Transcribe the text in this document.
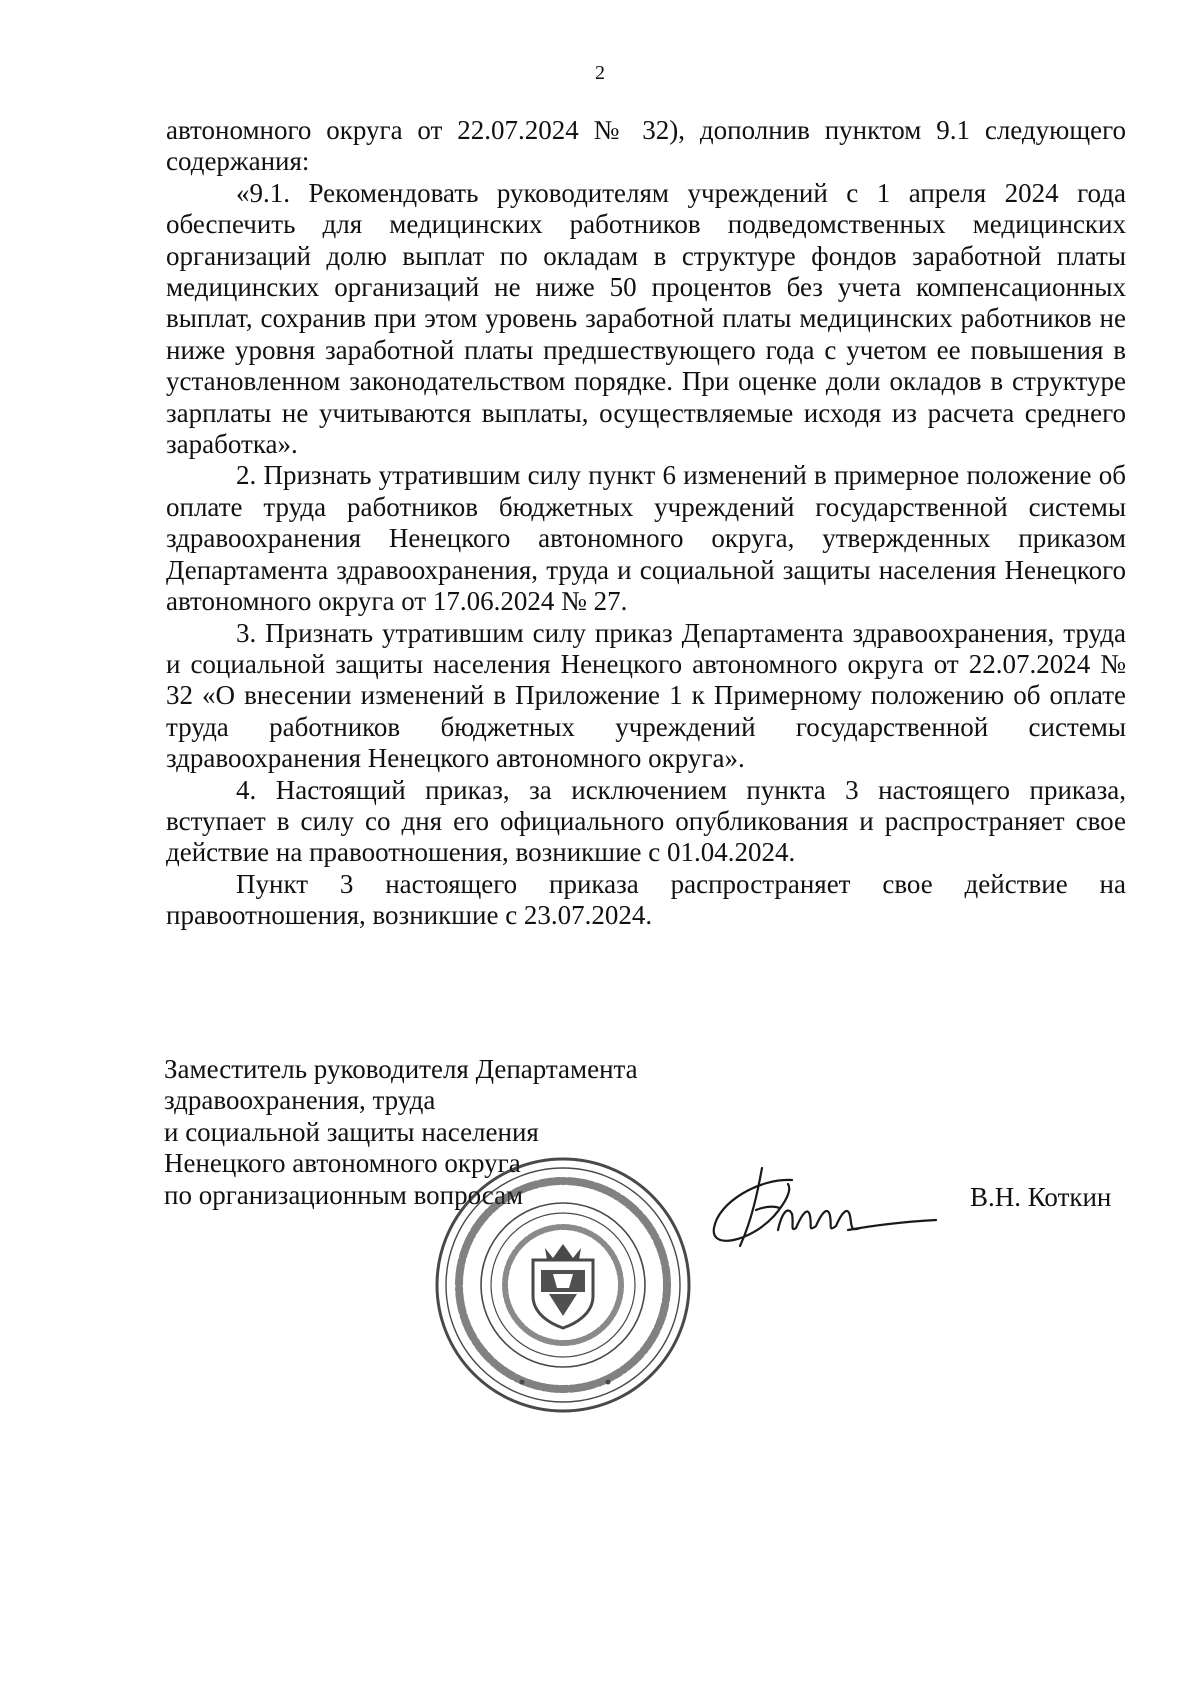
2

автономного округа от 22.07.2024 № 32), дополнив пунктом 9.1 следующего содержания:

«9.1. Рекомендовать руководителям учреждений с 1 апреля 2024 года обеспечить для медицинских работников подведомственных медицинских организаций долю выплат по окладам в структуре фондов заработной платы медицинских организаций не ниже 50 процентов без учета компенсационных выплат, сохранив при этом уровень заработной платы медицинских работников не ниже уровня заработной платы предшествующего года с учетом ее повышения в установленном законодательством порядке. При оценке доли окладов в структуре зарплаты не учитываются выплаты, осуществляемые исходя из расчета среднего заработка».

2. Признать утратившим силу пункт 6 изменений в примерное положение об оплате труда работников бюджетных учреждений государственной системы здравоохранения Ненецкого автономного округа, утвержденных приказом Департамента здравоохранения, труда и социальной защиты населения Ненецкого автономного округа от 17.06.2024 № 27.

3. Признать утратившим силу приказ Департамента здравоохранения, труда и социальной защиты населения Ненецкого автономного округа от 22.07.2024 № 32 «О внесении изменений в Приложение 1 к Примерному положению об оплате труда работников бюджетных учреждений государственной системы здравоохранения Ненецкого автономного округа».

4. Настоящий приказ, за исключением пункта 3 настоящего приказа, вступает в силу со дня его официального опубликования и распространяет свое действие на правоотношения, возникшие с 01.04.2024.

Пункт 3 настоящего приказа распространяет свое действие на правоотношения, возникшие с 23.07.2024.

Заместитель руководителя Департамента
здравоохранения, труда
и социальной защиты населения
Ненецкого автономного округа
по организационным вопросам	В.Н. Коткин
